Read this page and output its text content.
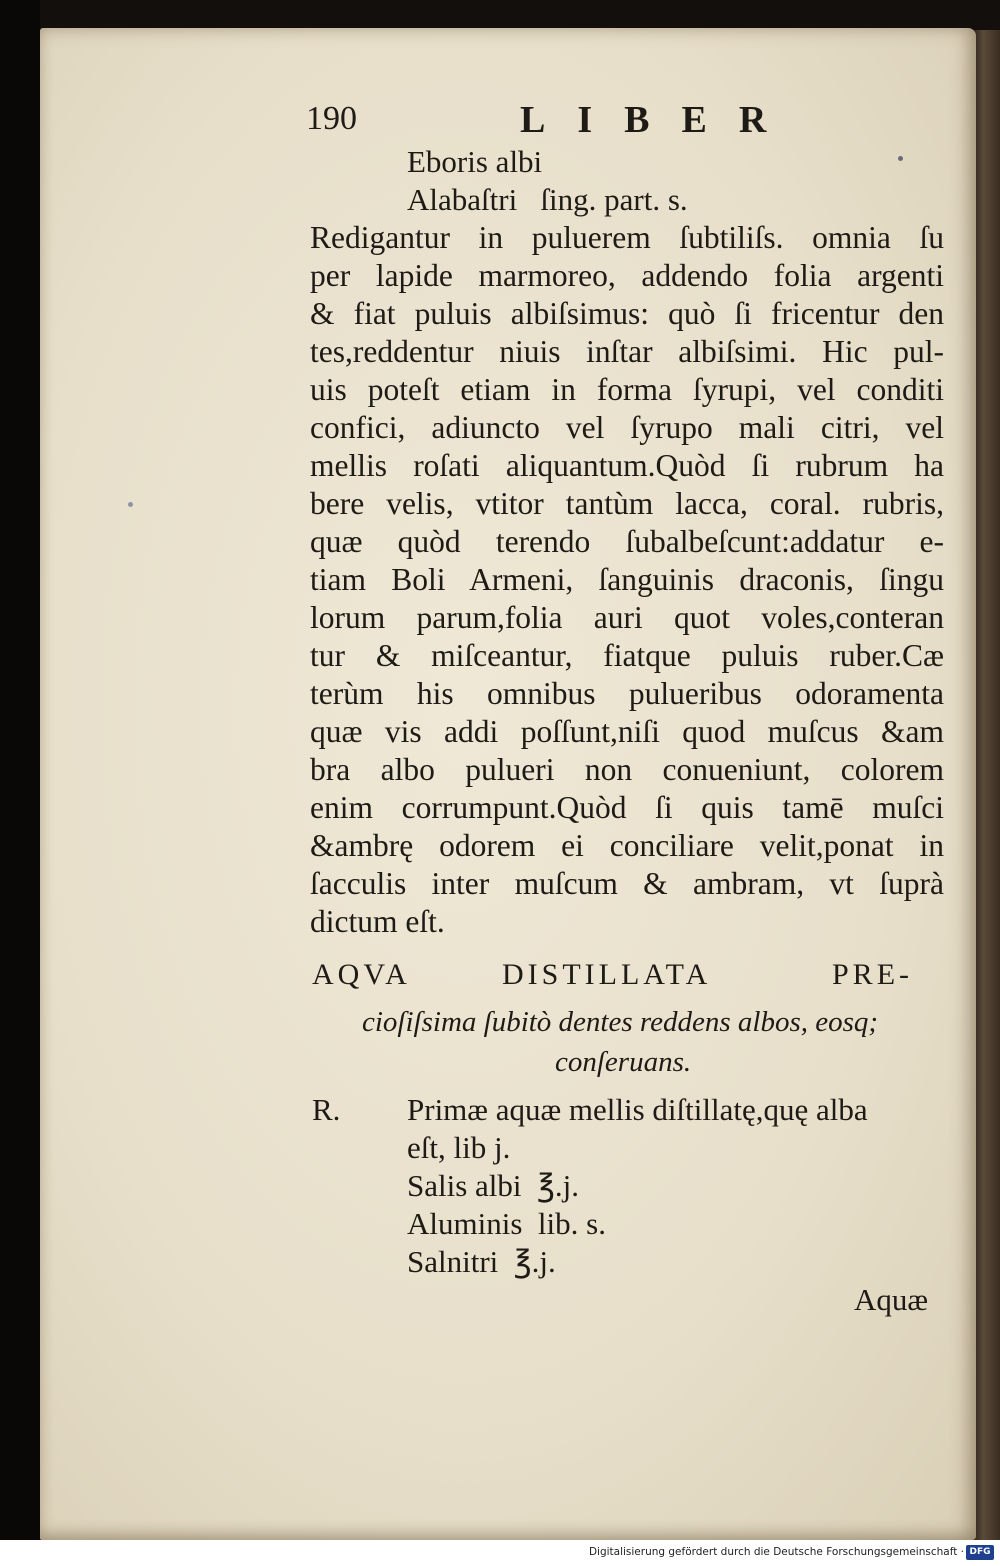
190	LIBER
Eboris albi
Alabaſtri   ſing. part. s.
Redigantur in puluerem ſubtiliſs. omnia ſu
per lapide marmoreo, addendo folia argenti
& fiat puluis albiſsimus: quò ſi fricentur den
tes,reddentur niuis inſtar albiſsimi. Hic pul-
uis poteſt etiam in forma ſyrupi, vel conditi
confici, adiuncto vel ſyrupo mali citri, vel
mellis roſati aliquantum.Quòd ſi rubrum ha
bere velis, vtitor tantùm lacca, coral. rubris,
quæ quòd terendo ſubalbeſcunt:addatur e-
tiam Boli Armeni, ſanguinis draconis, ſingu
lorum parum,folia auri quot voles,conteran
tur & miſceantur, fiatque puluis ruber.Cæ
terùm his omnibus pulueribus odoramenta
quæ vis addi poſſunt,niſi quod muſcus &am
bra albo pulueri non conueniunt, colorem
enim corrumpunt.Quòd ſi quis tamē muſci
&ambrę odorem ei conciliare velit,ponat in
ſacculis inter muſcum & ambram, vt ſuprà
dictum eſt.
AQVA	DISTILLATA	PRE-
cioſiſsima ſubitò dentes reddens albos, eosq;
conſeruans.
R. Primæ aquæ mellis diſtillatę,quę alba
eſt, lib j.
Salis albi  ℥.j.
Aluminis  lib. s.
Salnitri  ℥.j.
Aquæ
Digitalisierung gefördert durch die Deutsche Forschungsgemeinschaft · DFG
